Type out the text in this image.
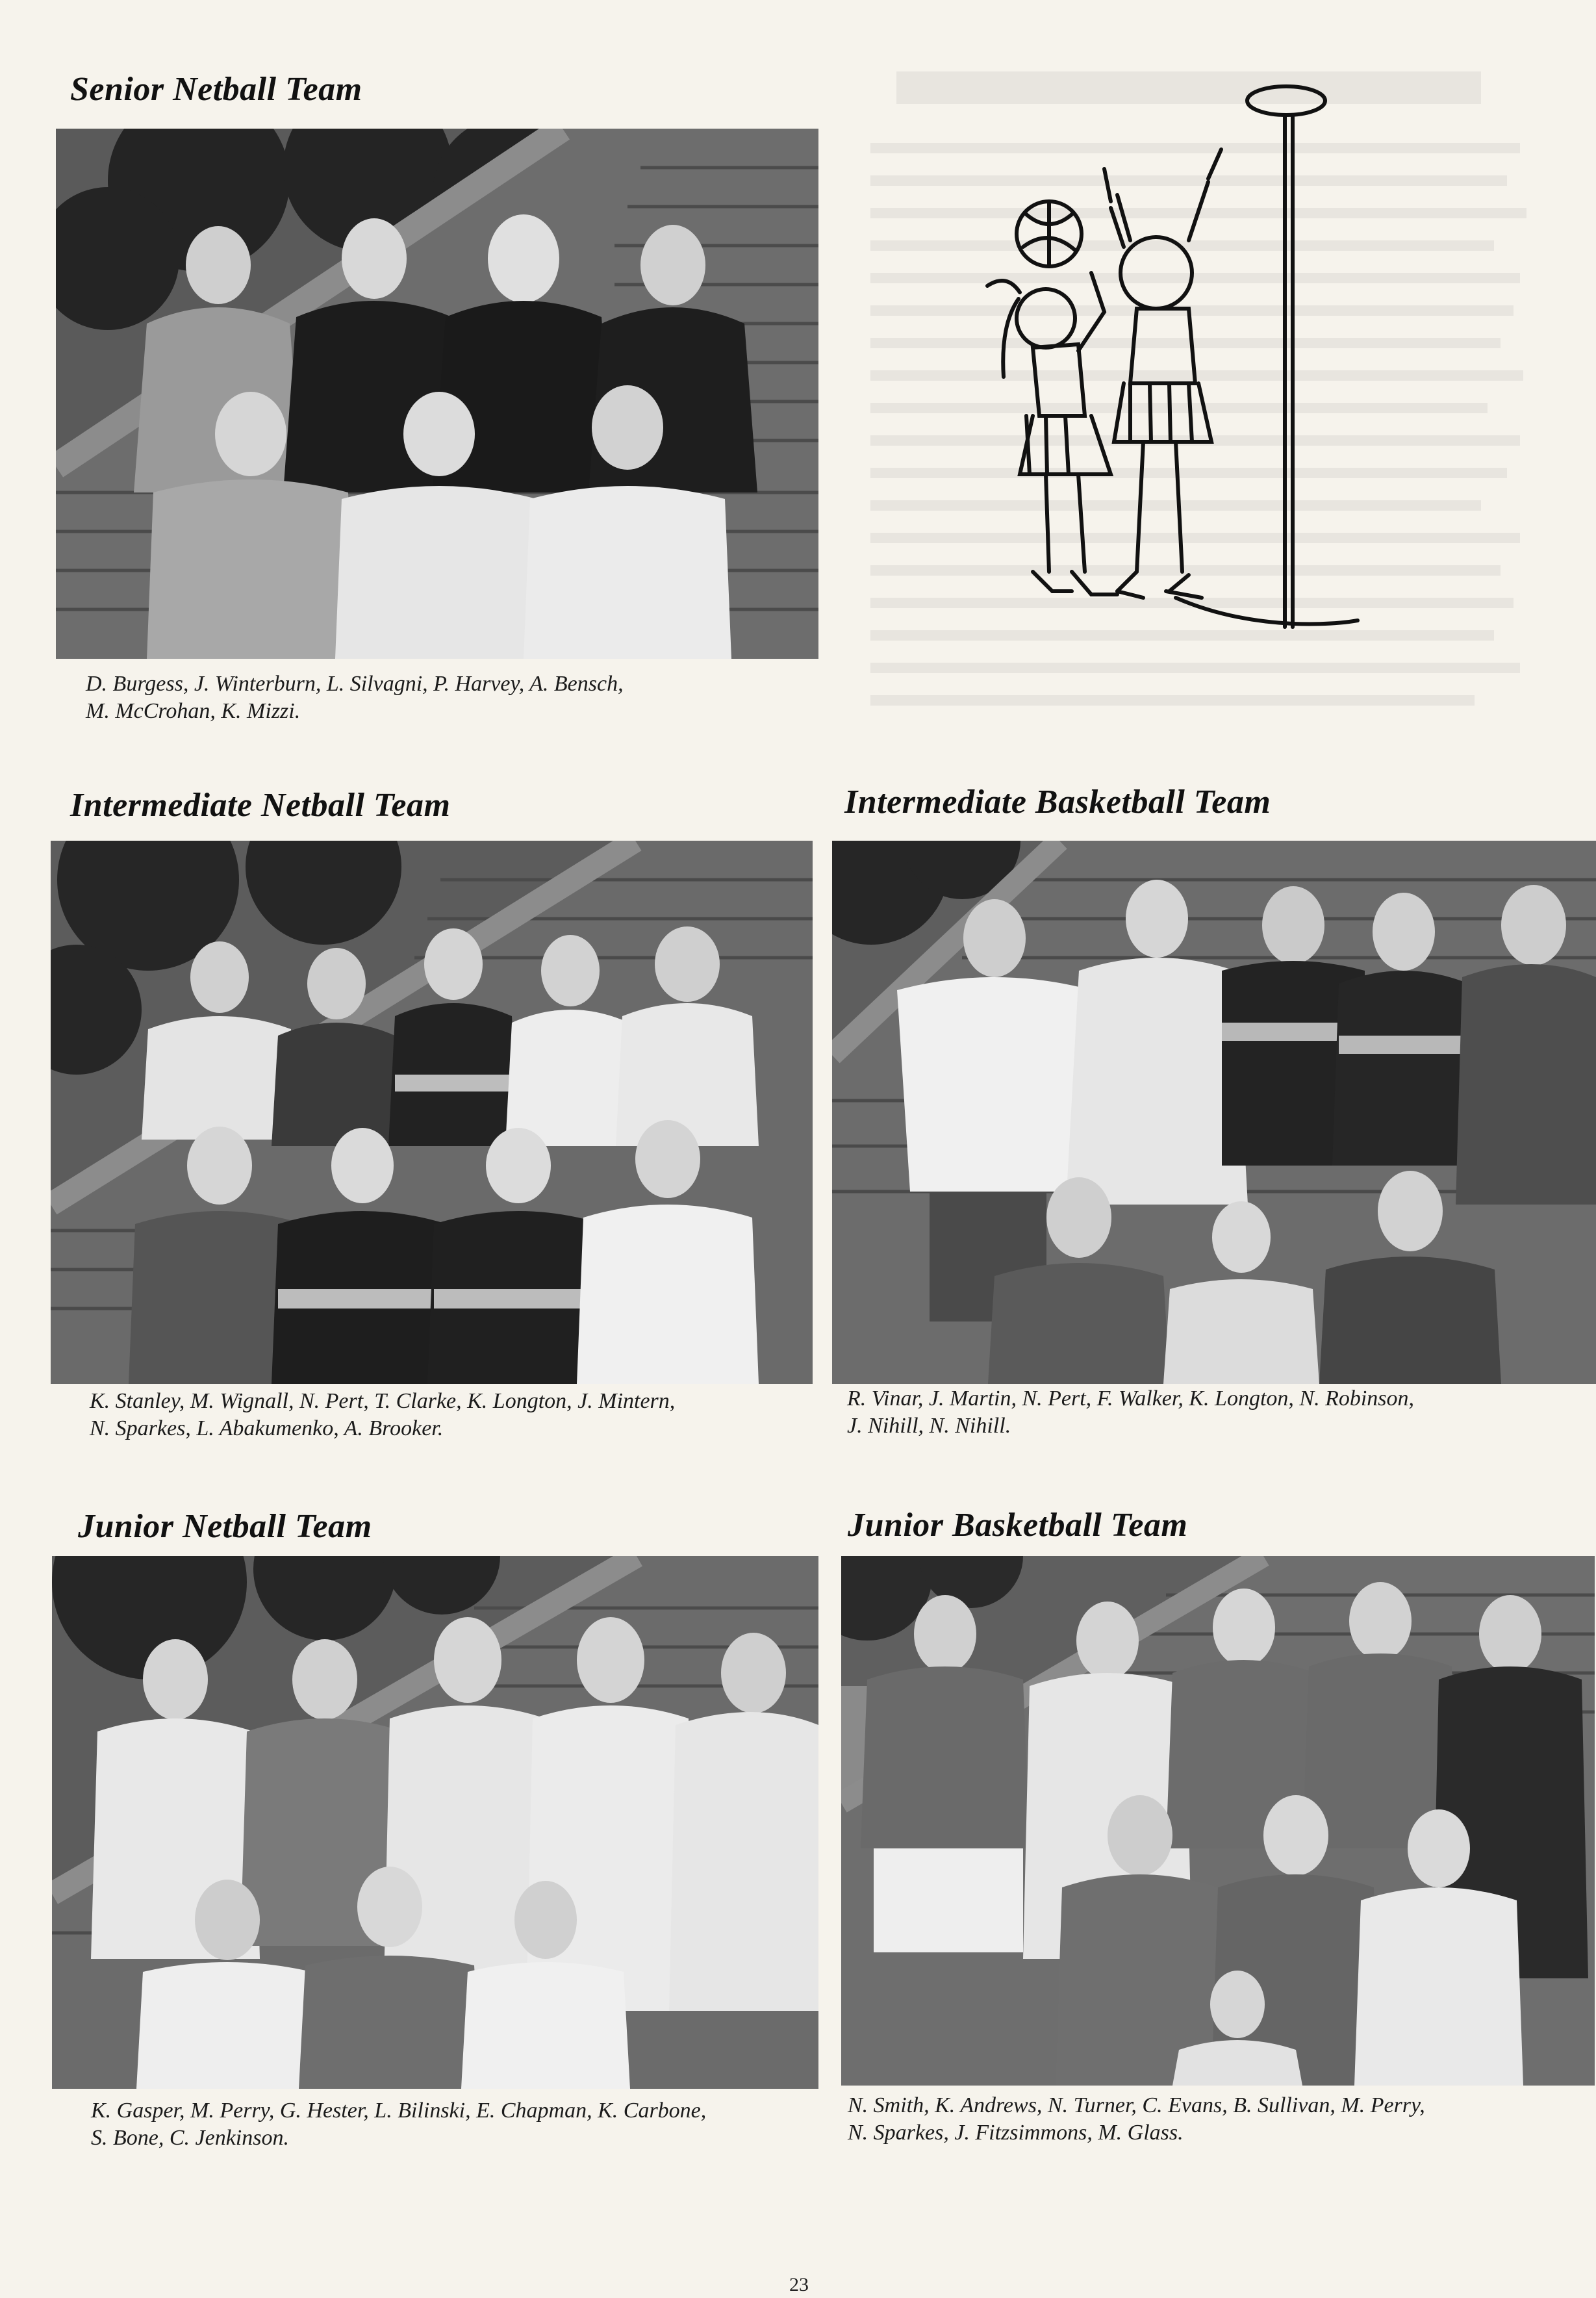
Senior Netball Team
D. Burgess, J. Winterburn, L. Silvagni, P. Harvey, A. Bensch,
M. McCrohan, K. Mizzi.
Intermediate Netball Team
K. Stanley, M. Wignall, N. Pert, T. Clarke, K. Longton, J. Mintern,
N. Sparkes, L. Abakumenko, A. Brooker.
Intermediate Basketball Team
R. Vinar, J. Martin, N. Pert, F. Walker, K. Longton, N. Robinson,
J. Nihill, N. Nihill.
Junior Netball Team
K. Gasper, M. Perry, G. Hester, L. Bilinski, E. Chapman, K. Carbone,
S. Bone, C. Jenkinson.
Junior Basketball Team
N. Smith, K. Andrews, N. Turner, C. Evans, B. Sullivan, M. Perry,
N. Sparkes, J. Fitzsimmons, M. Glass.
23
